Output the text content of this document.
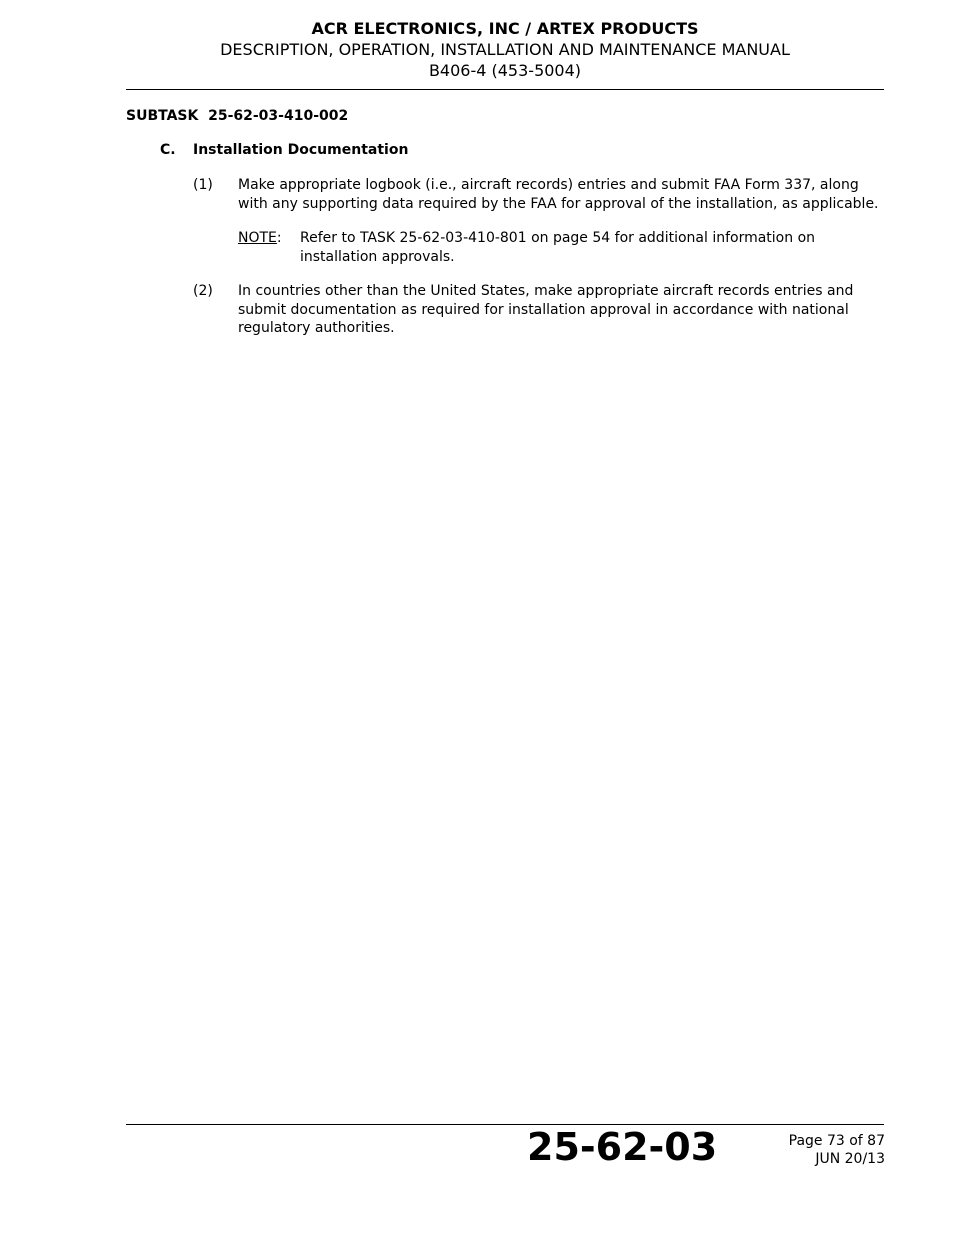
ACR ELECTRONICS, INC / ARTEX PRODUCTS
DESCRIPTION, OPERATION, INSTALLATION AND MAINTENANCE MANUAL
B406-4 (453-5004)
SUBTASK  25-62-03-410-002
C. Installation Documentation
(1) Make appropriate logbook (i.e., aircraft records) entries and submit FAA Form 337, along with any supporting data required by the FAA for approval of the installation, as applicable.
NOTE: Refer to TASK 25-62-03-410-801 on page 54 for additional information on installation approvals.
(2) In countries other than the United States, make appropriate aircraft records entries and submit documentation as required for installation approval in accordance with national regulatory authorities.
25-62-03	Page 73 of 87
JUN 20/13
